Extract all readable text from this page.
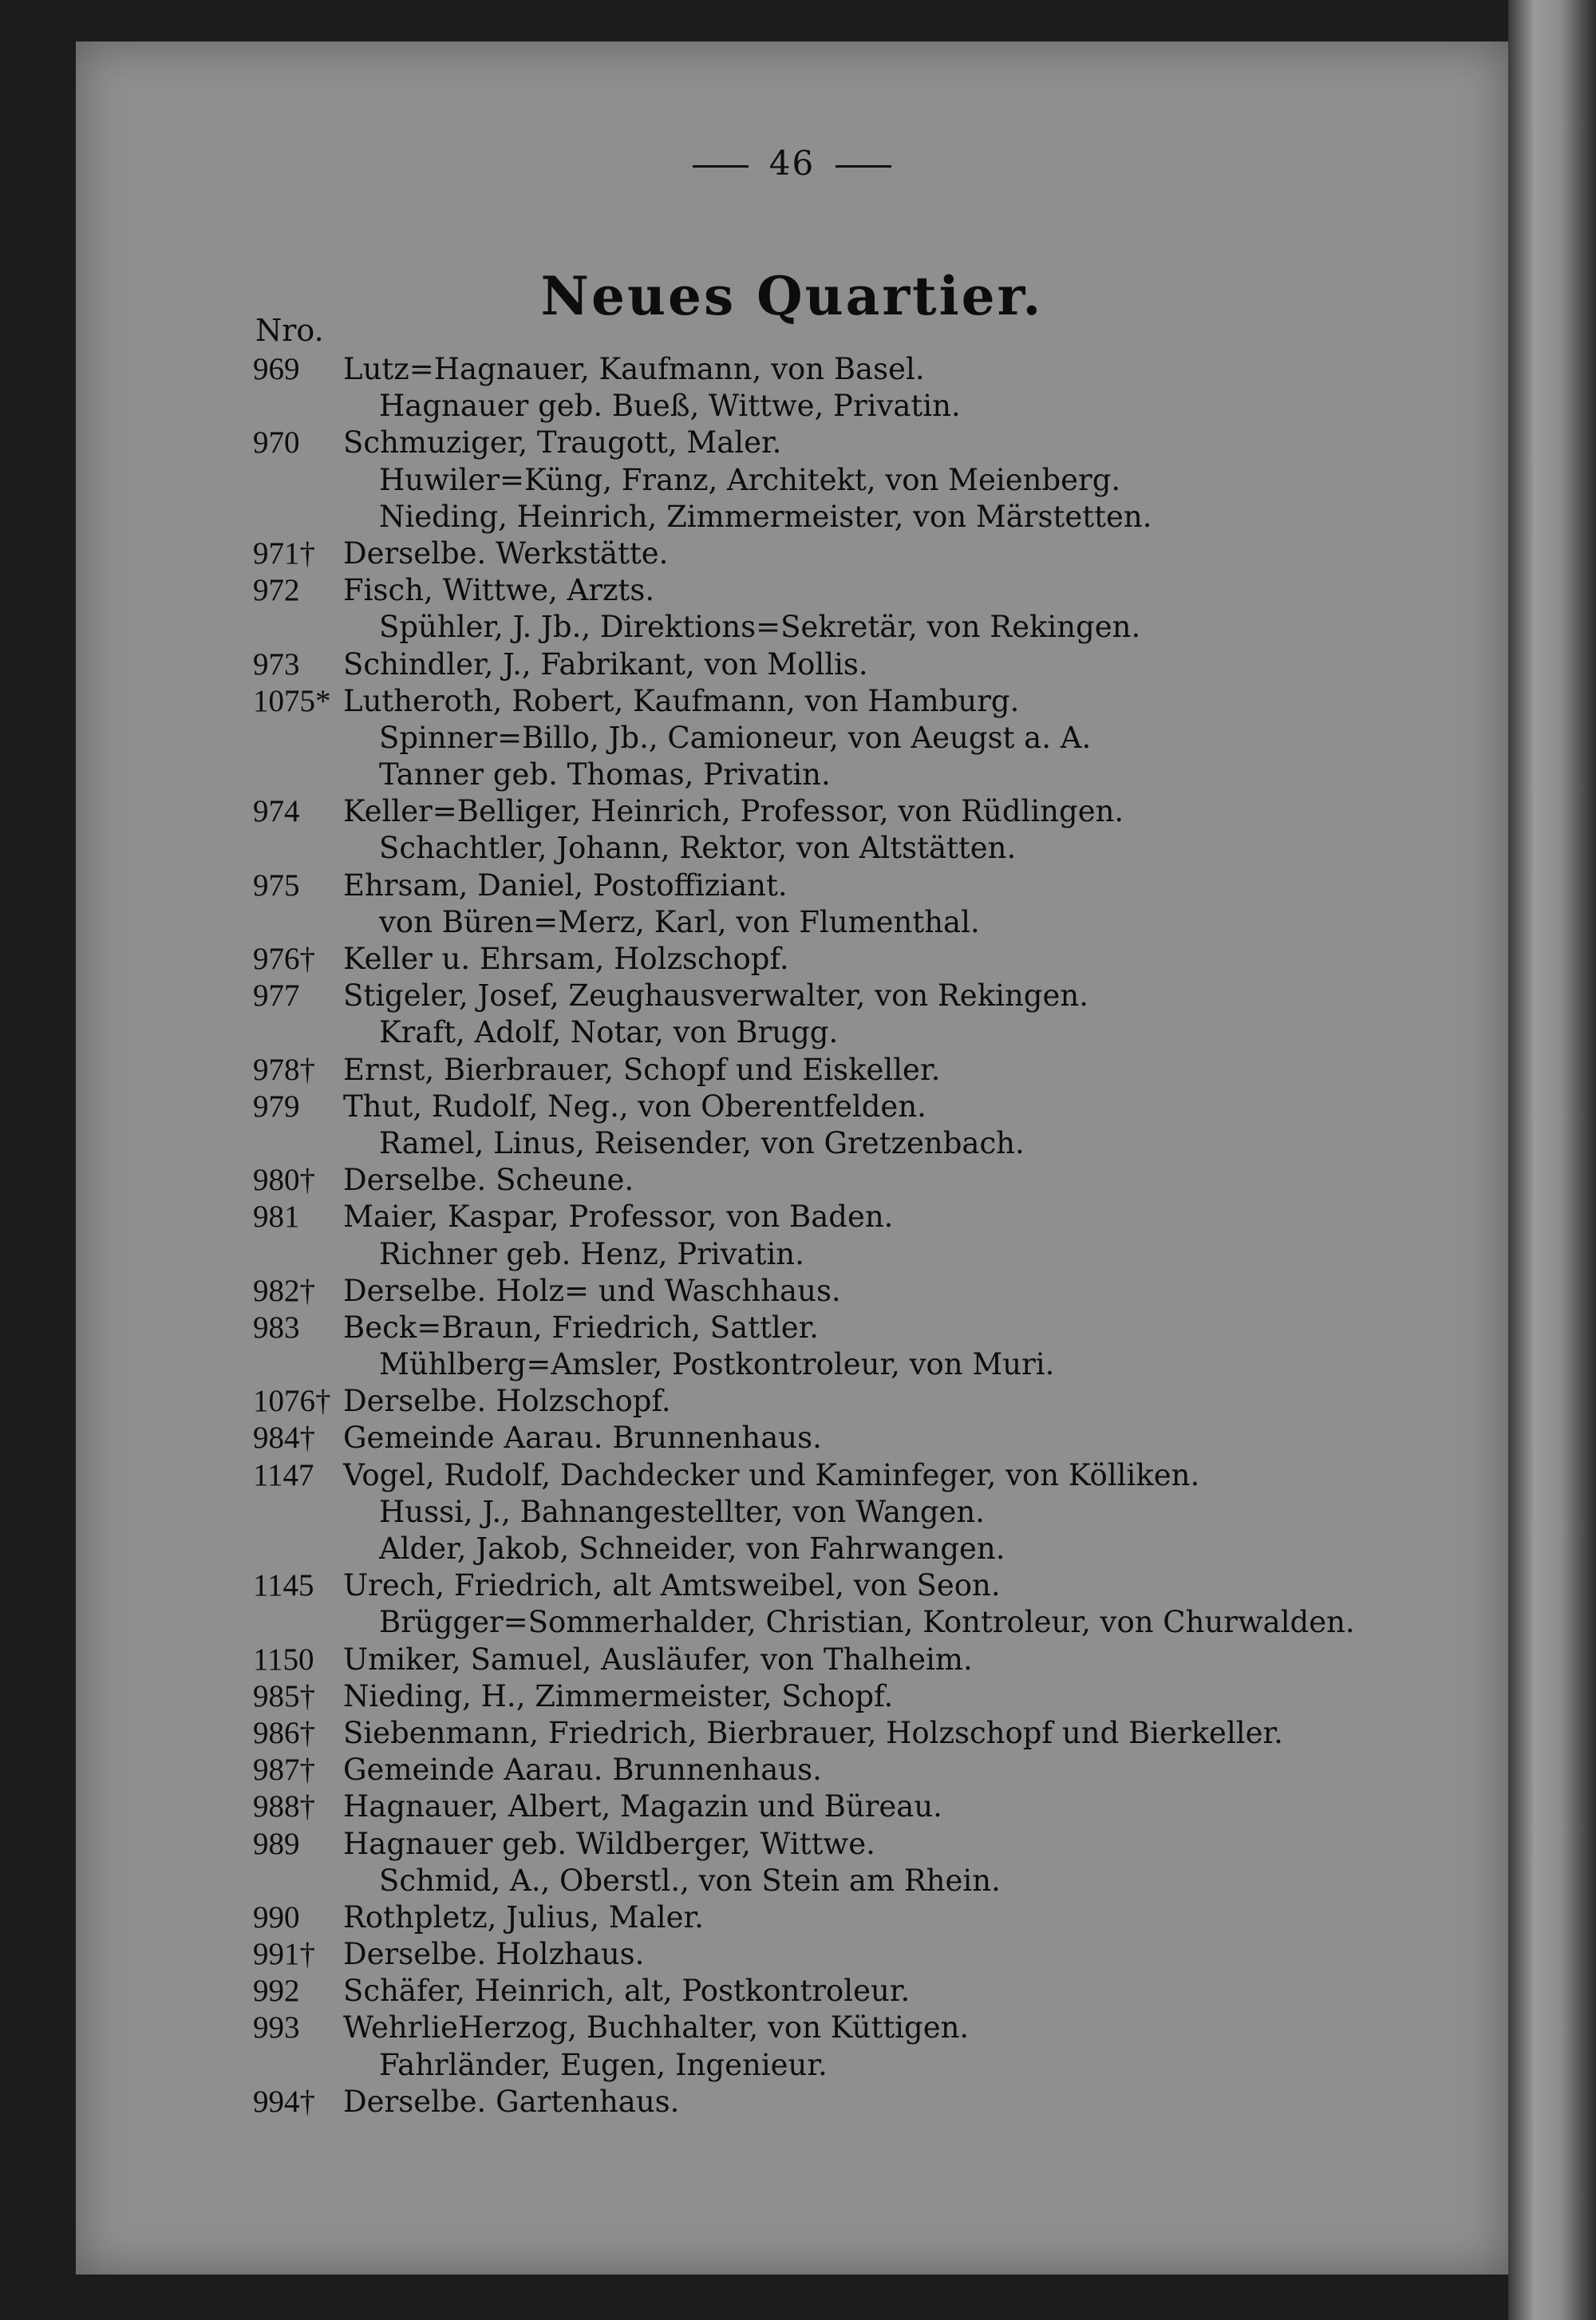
46
Neues Quartier.
Nro.
969	Lutz=Hagnauer, Kaufmann, von Basel.
Hagnauer geb. Bueß, Wittwe, Privatin.
970	Schmuziger, Traugott, Maler.
Huwiler=Küng, Franz, Architekt, von Meienberg.
Nieding, Heinrich, Zimmermeister, von Märstetten.
971† Derselbe. Werkstätte.
972	Fisch, Wittwe, Arzts.
Spühler, J. Jb., Direktions=Sekretär, von Rekingen.
973	Schindler, J., Fabrikant, von Mollis.
1075* Lutheroth, Robert, Kaufmann, von Hamburg.
Spinner=Billo, Jb., Camioneur, von Aeugst a. A.
Tanner geb. Thomas, Privatin.
974	Keller=Belliger, Heinrich, Professor, von Rüdlingen.
Schachtler, Johann, Rektor, von Altstätten.
975	Ehrsam, Daniel, Postoffiziant.
von Büren=Merz, Karl, von Flumenthal.
976† Keller u. Ehrsam, Holzschopf.
977	Stigeler, Josef, Zeughausverwalter, von Rekingen.
Kraft, Adolf, Notar, von Brugg.
978† Ernst, Bierbrauer, Schopf und Eiskeller.
979	Thut, Rudolf, Neg., von Oberentfelden.
Ramel, Linus, Reisender, von Gretzenbach.
980† Derselbe. Scheune.
981	Maier, Kaspar, Professor, von Baden.
Richner geb. Henz, Privatin.
982† Derselbe. Holz= und Waschhaus.
983	Beck=Braun, Friedrich, Sattler.
Mühlberg=Amsler, Postkontroleur, von Muri.
1076† Derselbe. Holzschopf.
984† Gemeinde Aarau. Brunnenhaus.
1147 Vogel, Rudolf, Dachdecker und Kaminfeger, von Kölliken.
Hussi, J., Bahnangestellter, von Wangen.
Alder, Jakob, Schneider, von Fahrwangen.
1145 Urech, Friedrich, alt Amtsweibel, von Seon.
Brügger=Sommerhalder, Christian, Kontroleur, von Churwalden.
1150 Umiker, Samuel, Ausläufer, von Thalheim.
985† Nieding, H., Zimmermeister, Schopf.
986† Siebenmann, Friedrich, Bierbrauer, Holzschopf und Bierkeller.
987† Gemeinde Aarau. Brunnenhaus.
988† Hagnauer, Albert, Magazin und Büreau.
989	Hagnauer geb. Wildberger, Wittwe.
Schmid, A., Oberstl., von Stein am Rhein.
990	Rothpletz, Julius, Maler.
991† Derselbe. Holzhaus.
992	Schäfer, Heinrich, alt, Postkontroleur.
993	WehrlieHerzog, Buchhalter, von Küttigen.
Fahrländer, Eugen, Ingenieur.
994† Derselbe. Gartenhaus.
